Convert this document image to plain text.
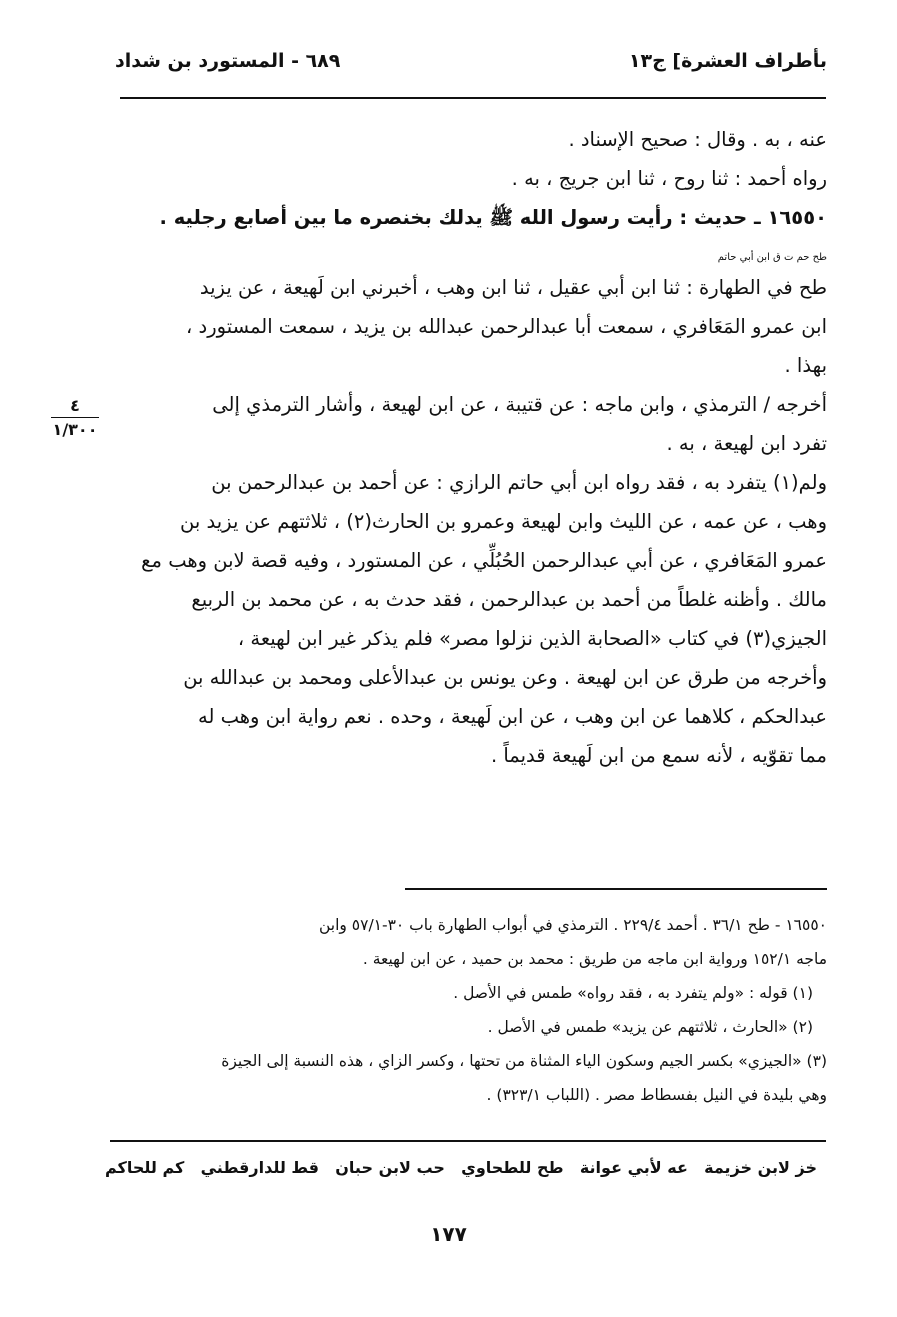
بأطراف العشرة] ج١٣
٦٨٩ - المستورد بن شداد
عنه ، به . وقال : صحيح الإسناد .
رواه أحمد : ثنا روح ، ثنا ابن جريج ، به .
١٦٥٥٠ ـ حديث : رأيت رسول الله ﷺ يدلك بخنصره ما بين أصابع رجليه .
طح حم ت ق ابن أبي حاتم
طح في الطهارة : ثنا ابن أبي عقيل ، ثنا ابن وهب ، أخبرني ابن لَهيعة ، عن يزيد
ابن عمرو المَعَافري ، سمعت أبا عبدالرحمن عبدالله بن يزيد ، سمعت المستورد ،
بهذا .
أخرجه / الترمذي ، وابن ماجه : عن قتيبة ، عن ابن لهيعة ، وأشار الترمذي إلى
تفرد ابن لهيعة ، به .
ولم(١) يتفرد به ، فقد رواه ابن أبي حاتم الرازي : عن أحمد بن عبدالرحمن بن
وهب ، عن عمه ، عن الليث وابن لهيعة وعمرو بن الحارث(٢) ، ثلاثتهم عن يزيد بن
عمرو المَعَافري ، عن أبي عبدالرحمن الحُبُلِّي ، عن المستورد ، وفيه قصة لابن وهب مع
مالك . وأظنه غلطاً من أحمد بن عبدالرحمن ، فقد حدث به ، عن محمد بن الربيع
الجيزي(٣) في كتاب «الصحابة الذين نزلوا مصر» فلم يذكر غير ابن لهيعة ،
وأخرجه من طرق عن ابن لهيعة . وعن يونس بن عبدالأعلى ومحمد بن عبدالله بن
عبدالحكم ، كلاهما عن ابن وهب ، عن ابن لَهيعة ، وحده . نعم رواية ابن وهب له
مما تقوّيه ، لأنه سمع من ابن لَهيعة قديماً .
٤
١/٣٠٠
١٦٥٥٠ - طح ٣٦/١ . أحمد ٢٢٩/٤ . الترمذي في أبواب الطهارة باب ٣٠-٥٧/١ وابن
ماجه ١٥٢/١ ورواية ابن ماجه من طريق : محمد بن حميد ، عن ابن لهيعة .
(١) قوله : «ولم يتفرد به ، فقد رواه» طمس في الأصل .
(٢) «الحارث ، ثلاثتهم عن يزيد» طمس في الأصل .
(٣) «الجيزي» بكسر الجيم وسكون الياء المثناة من تحتها ، وكسر الزاي ، هذه النسبة إلى الجيزة
وهي بليدة في النيل بفسطاط مصر . (اللباب ٣٢٣/١) .
خز لابن خزيمة
عه لأبي عوانة
طح للطحاوي
حب لابن حبان
قط للدارقطني
كم للحاكم
١٧٧
